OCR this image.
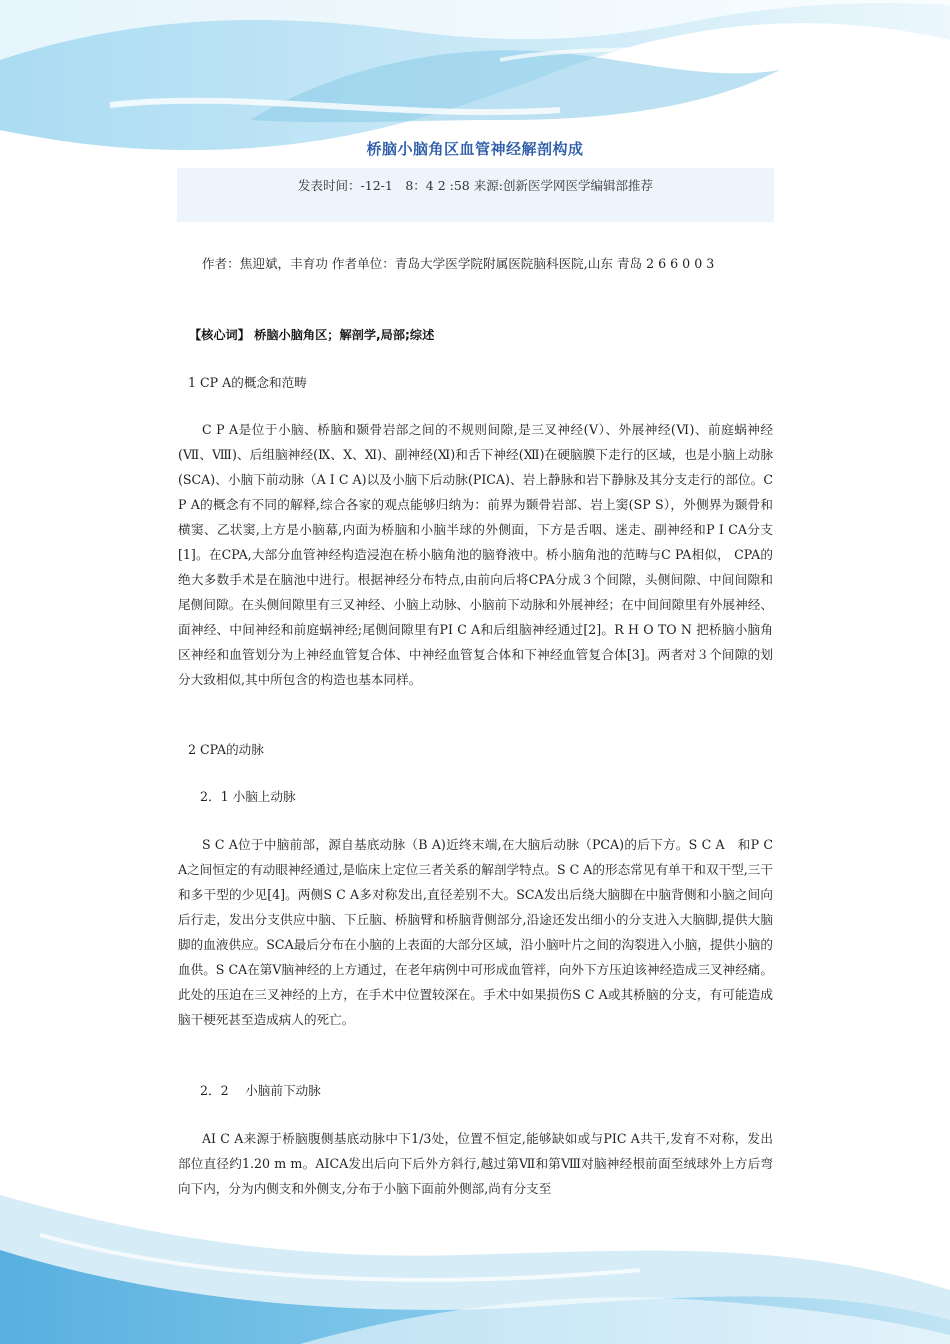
桥脑小脑角区血管神经解剖构成
发表时间：-12-1　8：4 2 :58 来源:创新医学网医学编辑部推荐
作者：焦迎斌，丰育功 作者单位：青岛大学医学院附属医院脑科医院,山东 青岛 2 6 6 0 0 3
【核心词】 桥脑小脑角区；解剖学,局部;综述
1 CP A的概念和范畴
C P A是位于小脑、桥脑和颞骨岩部之间的不规则间隙,是三叉神经(Ⅴ）、外展神经(Ⅵ)、前庭蜗神经(Ⅶ、Ⅷ)、后组脑神经(Ⅸ、Ⅹ、Ⅺ)、副神经(Ⅺ)和舌下神经(Ⅻ)在硬脑膜下走行的区域，也是小脑上动脉(SCA)、小脑下前动脉（A I C A)以及小脑下后动脉(PICA)、岩上静脉和岩下静脉及其分支走行的部位。C P A的概念有不同的解释,综合各家的观点能够归纳为：前界为颞骨岩部、岩上窦(SP S），外侧界为颞骨和横窦、乙状窦,上方是小脑幕,内面为桥脑和小脑半球的外侧面，下方是舌咽、迷走、副神经和P I CA分支[1]。在CPA,大部分血管神经构造浸泡在桥小脑角池的脑脊液中。桥小脑角池的范畴与C PA相似， CPA的绝大多数手术是在脑池中进行。根据神经分布特点,由前向后将CPA分成３个间隙，头侧间隙、中间间隙和尾侧间隙。在头侧间隙里有三叉神经、小脑上动脉、小脑前下动脉和外展神经；在中间间隙里有外展神经、面神经、中间神经和前庭蜗神经;尾侧间隙里有PI C A和后组脑神经通过[2]。R H O TO N 把桥脑小脑角区神经和血管划分为上神经血管复合体、中神经血管复合体和下神经血管复合体[3]。两者对３个间隙的划分大致相似,其中所包含的构造也基本同样。
2 CPA的动脉
2．1 小脑上动脉
S C A位于中脑前部，源自基底动脉（B A)近终末端,在大脑后动脉（PCA)的后下方。S C A　和P C A之间恒定的有动眼神经通过,是临床上定位三者关系的解剖学特点。S C A的形态常见有单干和双干型,三干和多干型的少见[4]。两侧S C A多对称发出,直径差别不大。SCA发出后绕大脑脚在中脑背侧和小脑之间向后行走，发出分支供应中脑、下丘脑、桥脑臂和桥脑背侧部分,沿途还发出细小的分支进入大脑脚,提供大脑脚的血液供应。SCA最后分布在小脑的上表面的大部分区域，沿小脑叶片之间的沟裂进入小脑，提供小脑的血供。S CA在第Ⅴ脑神经的上方通过，在老年病例中可形成血管袢，向外下方压迫该神经造成三叉神经痛。此处的压迫在三叉神经的上方，在手术中位置较深在。手术中如果损伤S C A或其桥脑的分支，有可能造成脑干梗死甚至造成病人的死亡。
2．2　 小脑前下动脉
AI C A来源于桥脑腹侧基底动脉中下1/3处，位置不恒定,能够缺如或与PIC A共干,发育不对称，发出部位直径约1.20 m m。AICA发出后向下后外方斜行,越过第Ⅶ和第Ⅷ对脑神经根前面至绒球外上方后弯向下内，分为内侧支和外侧支,分布于小脑下面前外侧部,尚有分支至
